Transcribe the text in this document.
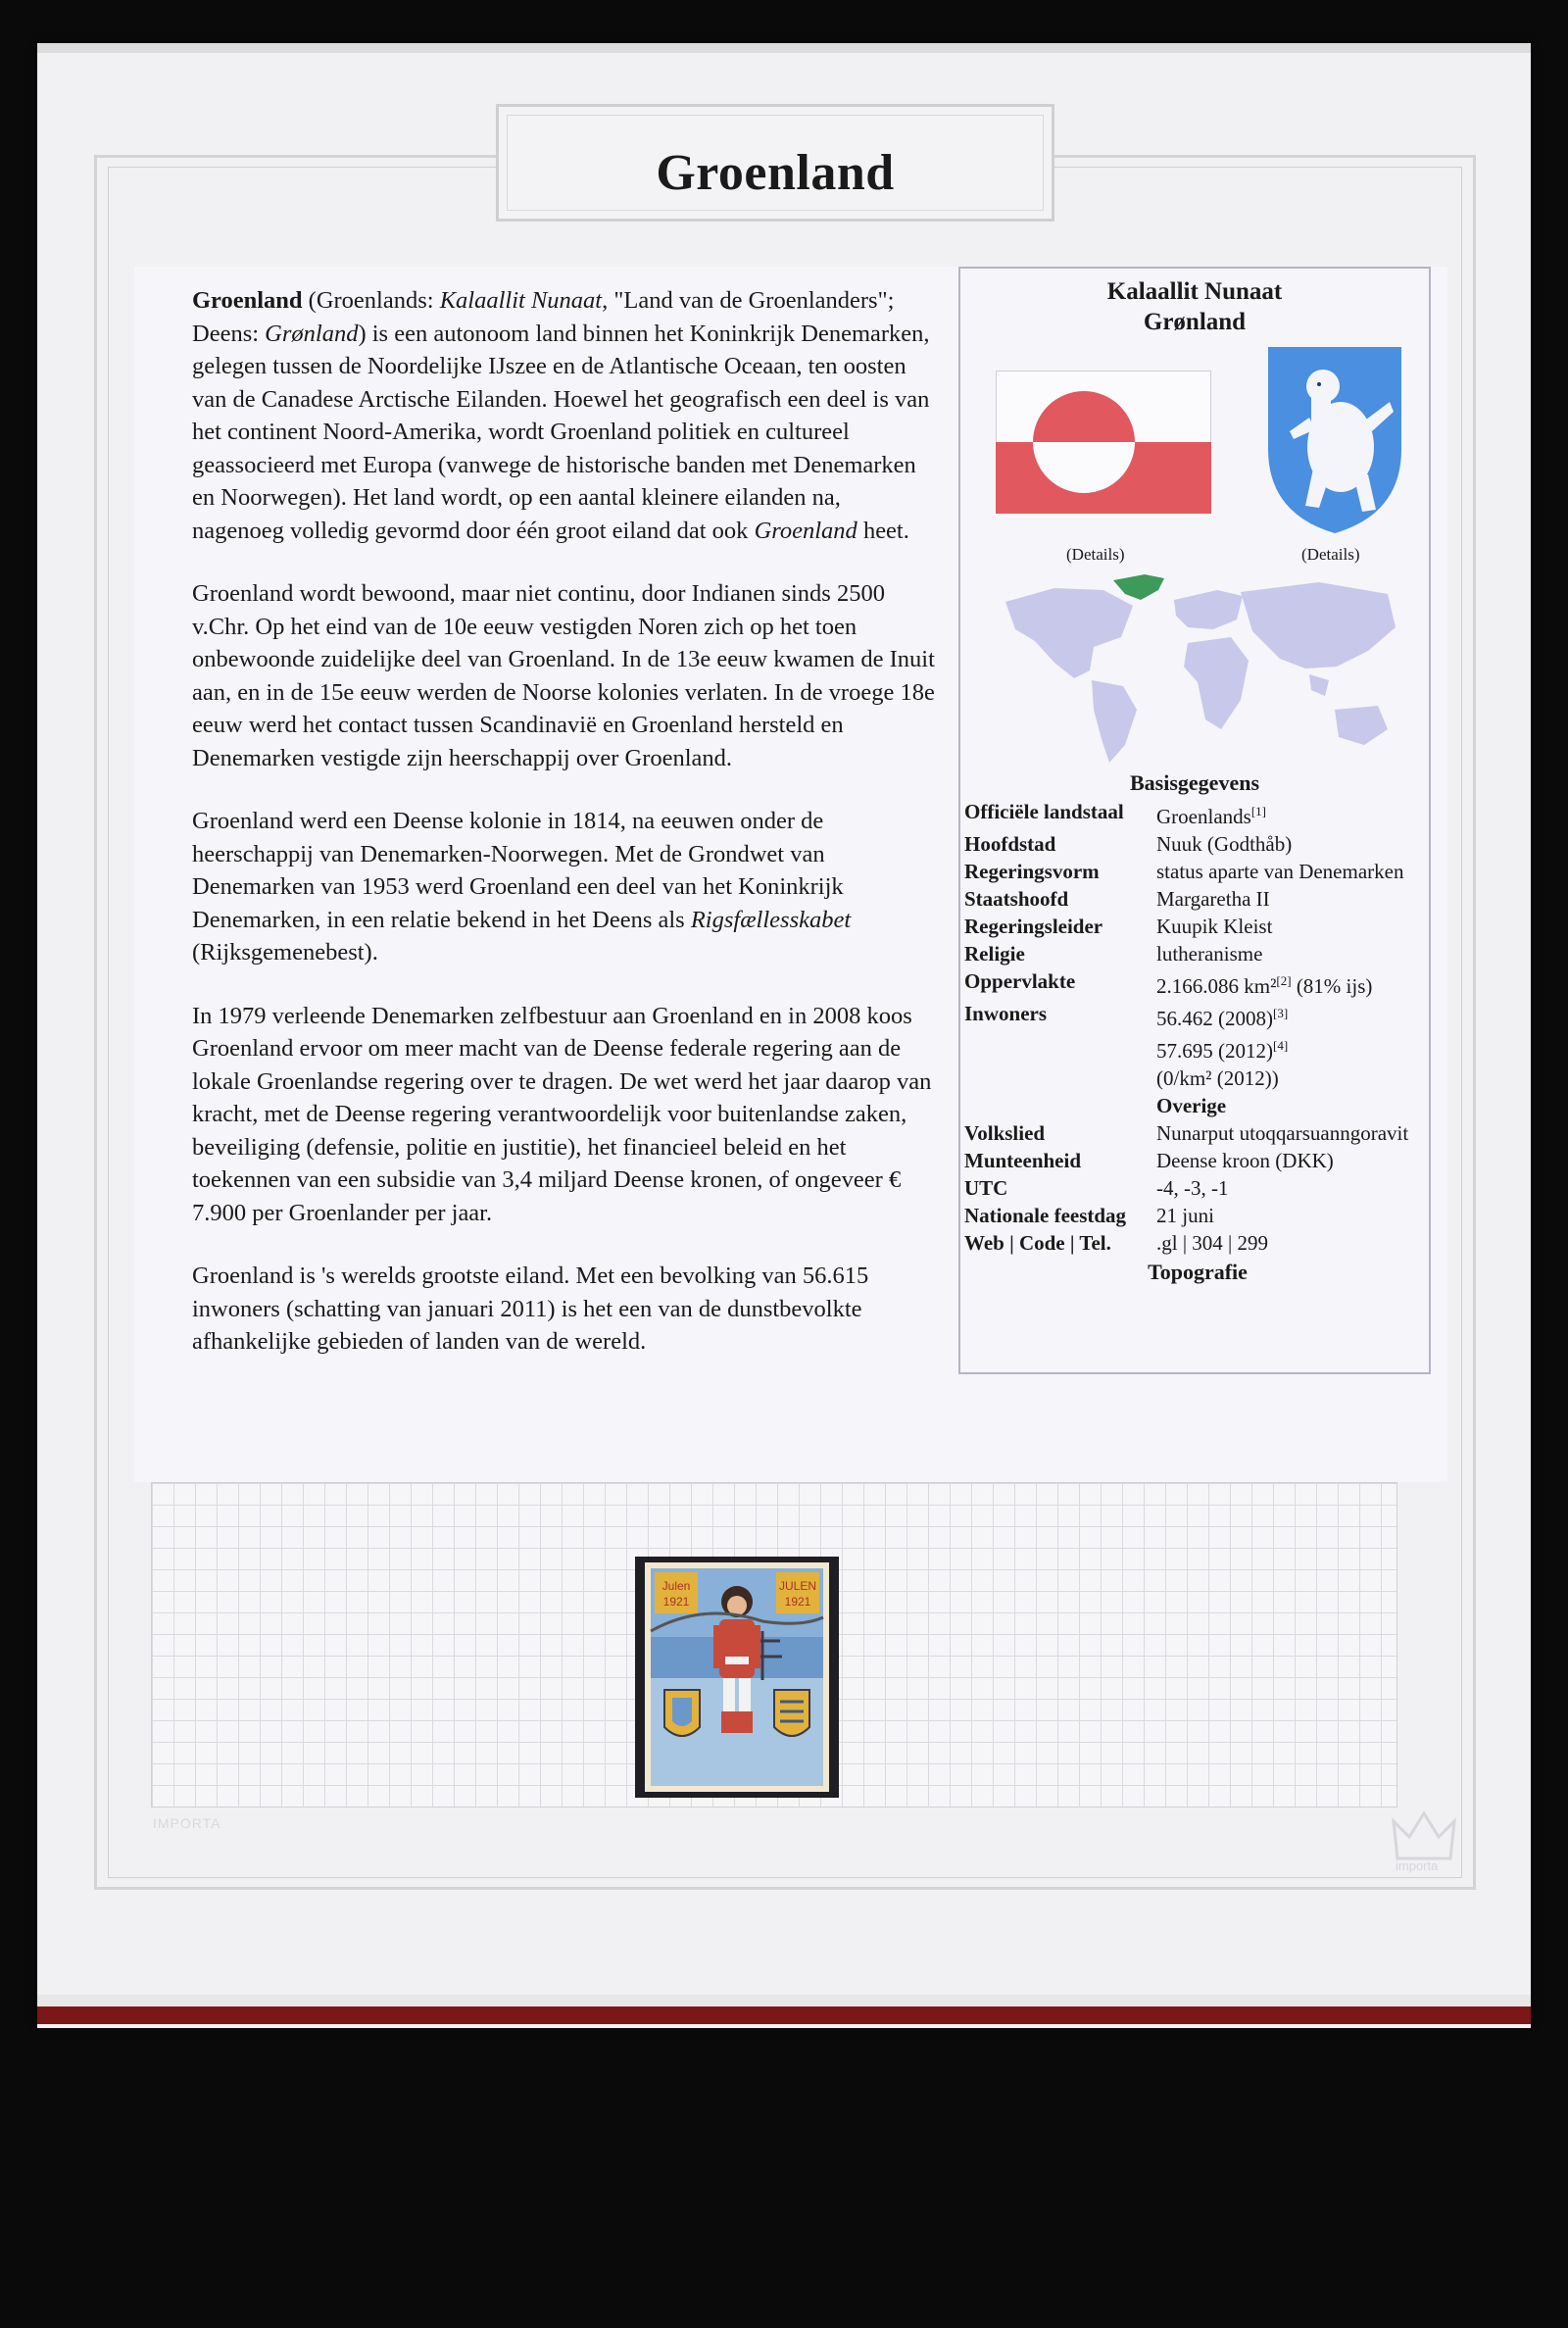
Groenland

Groenland (Groenlands: Kalaallit Nunaat, "Land van de Groenlanders"; Deens: Grønland) is een autonoom land binnen het Koninkrijk Denemarken, gelegen tussen de Noordelijke IJszee en de Atlantische Oceaan, ten oosten van de Canadese Arctische Eilanden. Hoewel het geografisch een deel is van het continent Noord-Amerika, wordt Groenland politiek en cultureel geassocieerd met Europa (vanwege de historische banden met Denemarken en Noorwegen). Het land wordt, op een aantal kleinere eilanden na, nagenoeg volledig gevormd door één groot eiland dat ook Groenland heet.

Groenland wordt bewoond, maar niet continu, door Indianen sinds 2500 v.Chr. Op het eind van de 10e eeuw vestigden Noren zich op het toen onbewoonde zuidelijke deel van Groenland. In de 13e eeuw kwamen de Inuit aan, en in de 15e eeuw werden de Noorse kolonies verlaten. In de vroege 18e eeuw werd het contact tussen Scandinavië en Groenland hersteld en Denemarken vestigde zijn heerschappij over Groenland.

Groenland werd een Deense kolonie in 1814, na eeuwen onder de heerschappij van Denemarken-Noorwegen. Met de Grondwet van Denemarken van 1953 werd Groenland een deel van het Koninkrijk Denemarken, in een relatie bekend in het Deens als Rigsfællesskabet (Rijksgemenebest).

In 1979 verleende Denemarken zelfbestuur aan Groenland en in 2008 koos Groenland ervoor om meer macht van de Deense federale regering aan de lokale Groenlandse regering over te dragen. De wet werd het jaar daarop van kracht, met de Deense regering verantwoordelijk voor buitenlandse zaken, beveiliging (defensie, politie en justitie), het financieel beleid en het toekennen van een subsidie van 3,4 miljard Deense kronen, of ongeveer € 7.900 per Groenlander per jaar.

Groenland is 's werelds grootste eiland. Met een bevolking van 56.615 inwoners (schatting van januari 2011) is het een van de dunstbevolkte afhankelijke gebieden of landen van de wereld.

Kalaallit Nunaat
Grønland
(Details)	(Details)
Basisgegevens
Officiële landstaal	Groenlands[1]
Hoofdstad	Nuuk (Godthåb)
Regeringsvorm	status aparte van Denemarken
Staatshoofd	Margaretha II
Regeringsleider	Kuupik Kleist
Religie	lutheranisme
Oppervlakte	2.166.086 km²[2] (81% ijs)
Inwoners	56.462 (2008)[3]
57.695 (2012)[4]
(0/km² (2012))
Overige
Volkslied	Nunarput utoqqarsuanngoravit
Munteenheid	Deense kroon (DKK)
UTC	-4, -3, -1
Nationale feestdag	21 juni
Web | Code | Tel.	.gl | 304 | 299
Topografie
Julen
1921
JULEN
1921
IMPORTA
importa
